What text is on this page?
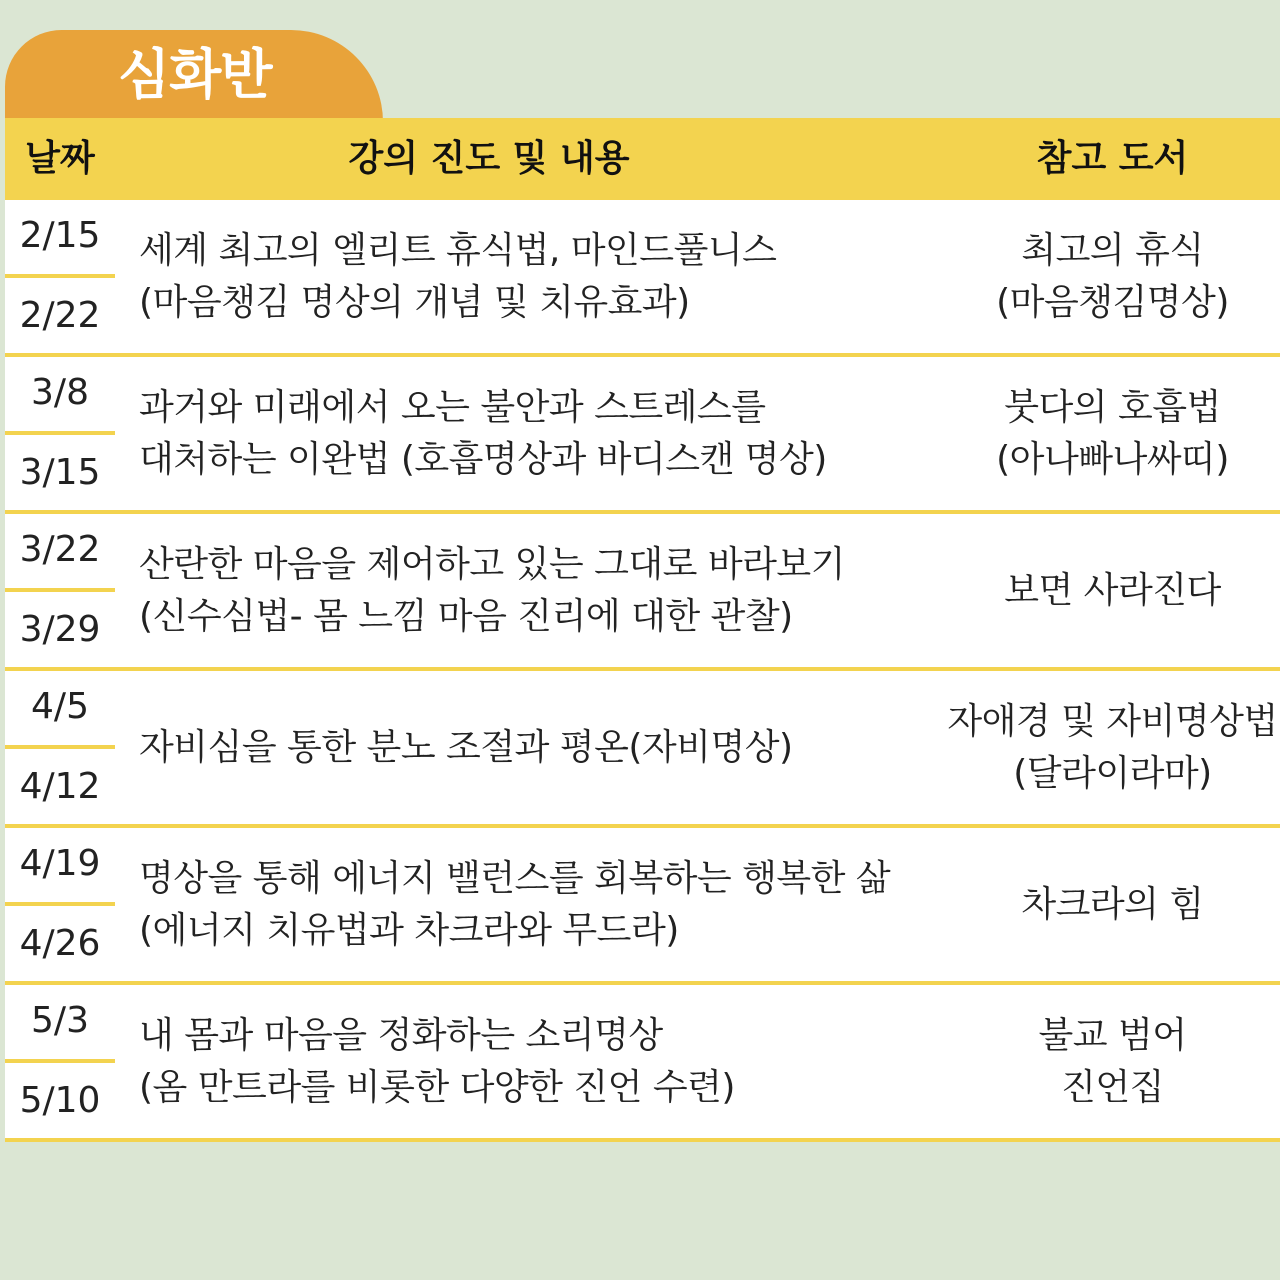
심화반
날짜	강의 진도 및 내용	참고 도서
2/15
2/22
세계 최고의 엘리트 휴식법, 마인드풀니스
(마음챙김 명상의 개념 및 치유효과)
최고의 휴식
(마음챙김명상)
3/8
3/15
과거와 미래에서 오는 불안과 스트레스를
대처하는 이완법 (호흡명상과 바디스캔 명상)
붓다의 호흡법
(아나빠나싸띠)
3/22
3/29
산란한 마음을 제어하고 있는 그대로 바라보기
(신수심법- 몸 느낌 마음 진리에 대한 관찰)
보면 사라진다
4/5
4/12
자비심을 통한 분노 조절과 평온(자비명상)
자애경 및 자비명상법
(달라이라마)
4/19
4/26
명상을 통해 에너지 밸런스를 회복하는 행복한 삶
(에너지 치유법과 차크라와 무드라)
차크라의 힘
5/3
5/10
내 몸과 마음을 정화하는 소리명상
(옴 만트라를 비롯한 다양한 진언 수련)
불교 범어
진언집
